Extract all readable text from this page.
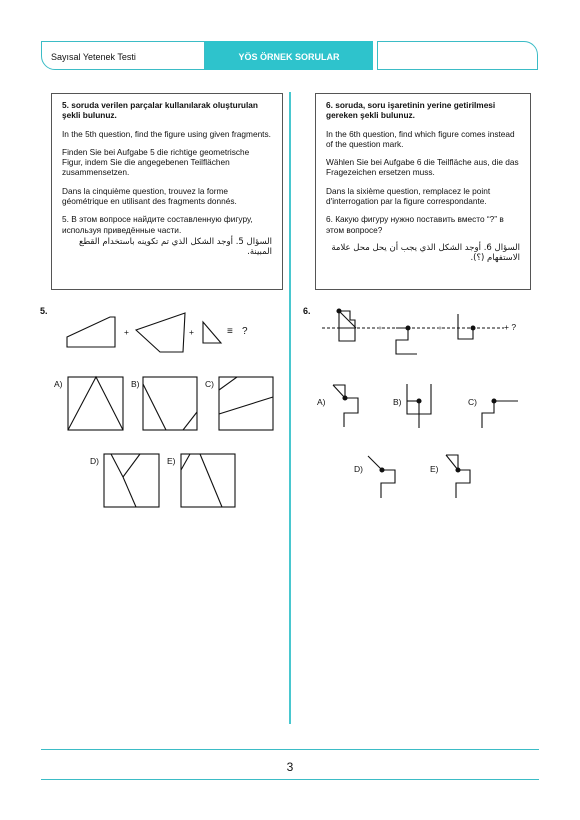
Sayısal Yetenek Testi	YÖS ÖRNEK SORULAR

5. soruda verilen parçalar kullanılarak oluşturulan şekli bulunuz.

In the 5th question, find the figure using given fragments.

Finden Sie bei Aufgabe 5 die richtige geometrische Figur, indem Sie die angegebenen Teilflächen zusammensetzen.

Dans la cinquième question, trouvez la forme géométrique en utilisant des fragments donnés.

5. В этом вопросе найдите составленную фигуру, используя приведённые части.

السؤال 5. أوجد الشكل الذي تم تكوينه باستخدام القطع المبينة.

6. soruda, soru işaretinin yerine getirilmesi gereken şekli bulunuz.

In the 6th question, find which figure comes instead of the question mark.

Wählen Sie bei Aufgabe 6 die Teilfläche aus, die das Fragezeichen ersetzen muss.

Dans la sixième question, remplacez le point d'interrogation par la figure correspondante.

6. Какую фигуру нужно поставить вместо “?” в этом вопросе?

السؤال 6. أوجد الشكل الذي يجب أن يحل محل علامة الاستفهام (؟).

5.
+	+	≡ ?
A)	B)	C)
D)	E)
6.
+ ?
A)	B)	C)
D)	E)
3
